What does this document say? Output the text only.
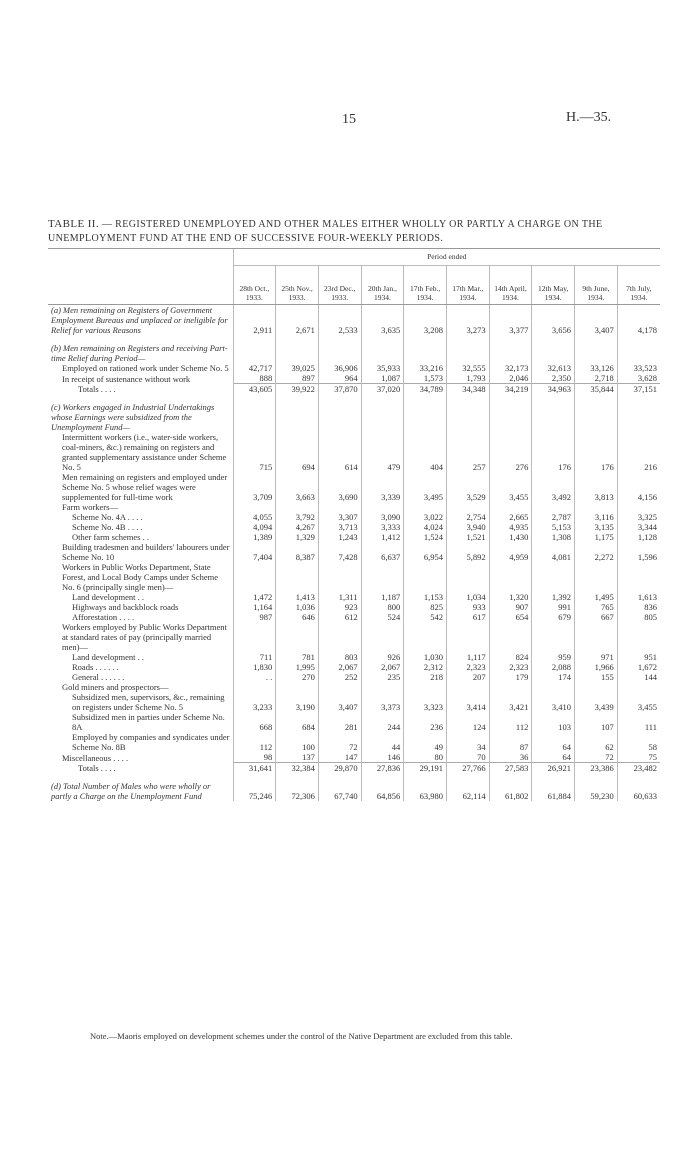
15	H.—35.
TABLE II. — REGISTERED UNEMPLOYED AND OTHER MALES EITHER WHOLLY OR PARTLY A CHARGE ON THE UNEMPLOYMENT FUND AT THE END OF SUCCESSIVE FOUR-WEEKLY PERIODS.
	Period ended									
	28th Oct., 1933.	25th Nov., 1933.	23rd Dec., 1933.	20th Jan., 1934.	17th Feb., 1934.	17th Mar., 1934.	14th April, 1934.	12th May, 1934.	9th June, 1934.	7th July, 1934.
(a) Men remaining on Registers of Government Employment Bureaus and unplaced or ineligible for Relief for various Reasons	2,911	2,671	2,533	3,635	3,208	3,273	3,377	3,656	3,407	4,178

(b) Men remaining on Registers and receiving Part-time Relief during Period—										
Employed on rationed work under Scheme No. 5	42,717	39,025	36,906	35,933	33,216	32,555	32,173	32,613	33,126	33,523
In receipt of sustenance without work	888	897	964	1,087	1,573	1,793	2,046	2,350	2,718	3,628
Totals . . . .	43,605	39,922	37,870	37,020	34,789	34,348	34,219	34,963	35,844	37,151

(c) Workers engaged in Industrial Undertakings whose Earnings were subsidized from the Unemployment Fund—										
Intermittent workers (i.e., water-side workers, coal-miners, &c.) remaining on registers and granted supplementary assistance under Scheme No. 5	715	694	614	479	404	257	276	176	176	216
Men remaining on registers and employed under Scheme No. 5 whose relief wages were supplemented for full-time work	3,709	3,663	3,690	3,339	3,495	3,529	3,455	3,492	3,813	4,156
Farm workers—										
Scheme No. 4A . . . .	4,055	3,792	3,307	3,090	3,022	2,754	2,665	2,787	3,116	3,325
Scheme No. 4B . . . .	4,094	4,267	3,713	3,333	4,024	3,940	4,935	5,153	3,135	3,344
Other farm schemes . .	1,389	1,329	1,243	1,412	1,524	1,521	1,430	1,308	1,175	1,128
Building tradesmen and builders' labourers under Scheme No. 10	7,404	8,387	7,428	6,637	6,954	5,892	4,959	4,081	2,272	1,596
Workers in Public Works Department, State Forest, and Local Body Camps under Scheme No. 6 (principally single men)—										
Land development . .	1,472	1,413	1,311	1,187	1,153	1,034	1,320	1,392	1,495	1,613
Highways and backblock roads	1,164	1,036	923	800	825	933	907	991	765	836
Afforestation . . . .	987	646	612	524	542	617	654	679	667	805
Workers employed by Public Works Department at standard rates of pay (principally married men)—										
Land development . .	711	781	803	926	1,030	1,117	824	959	971	951
Roads . . . . . .	1,830	1,995	2,067	2,067	2,312	2,323	2,323	2,088	1,966	1,672
General . . . . . .	. .	270	252	235	218	207	179	174	155	144
Gold miners and prospectors—										
Subsidized men, supervisors, &c., remaining on registers under Scheme No. 5	3,233	3,190	3,407	3,373	3,323	3,414	3,421	3,410	3,439	3,455
Subsidized men in parties under Scheme No. 8A	668	684	281	244	236	124	112	103	107	111
Employed by companies and syndicates under Scheme No. 8B	112	100	72	44	49	34	87	64	62	58
Miscellaneous . . . .	98	137	147	146	80	70	36	64	72	75
Totals . . . .	31,641	32,384	29,870	27,836	29,191	27,766	27,583	26,921	23,386	23,482

(d) Total Number of Males who were wholly or partly a Charge on the Unemployment Fund	75,246	72,306	67,740	64,856	63,980	62,114	61,802	61,884	59,230	60,633
Note.—Maoris employed on development schemes under the control of the Native Department are excluded from this table.
